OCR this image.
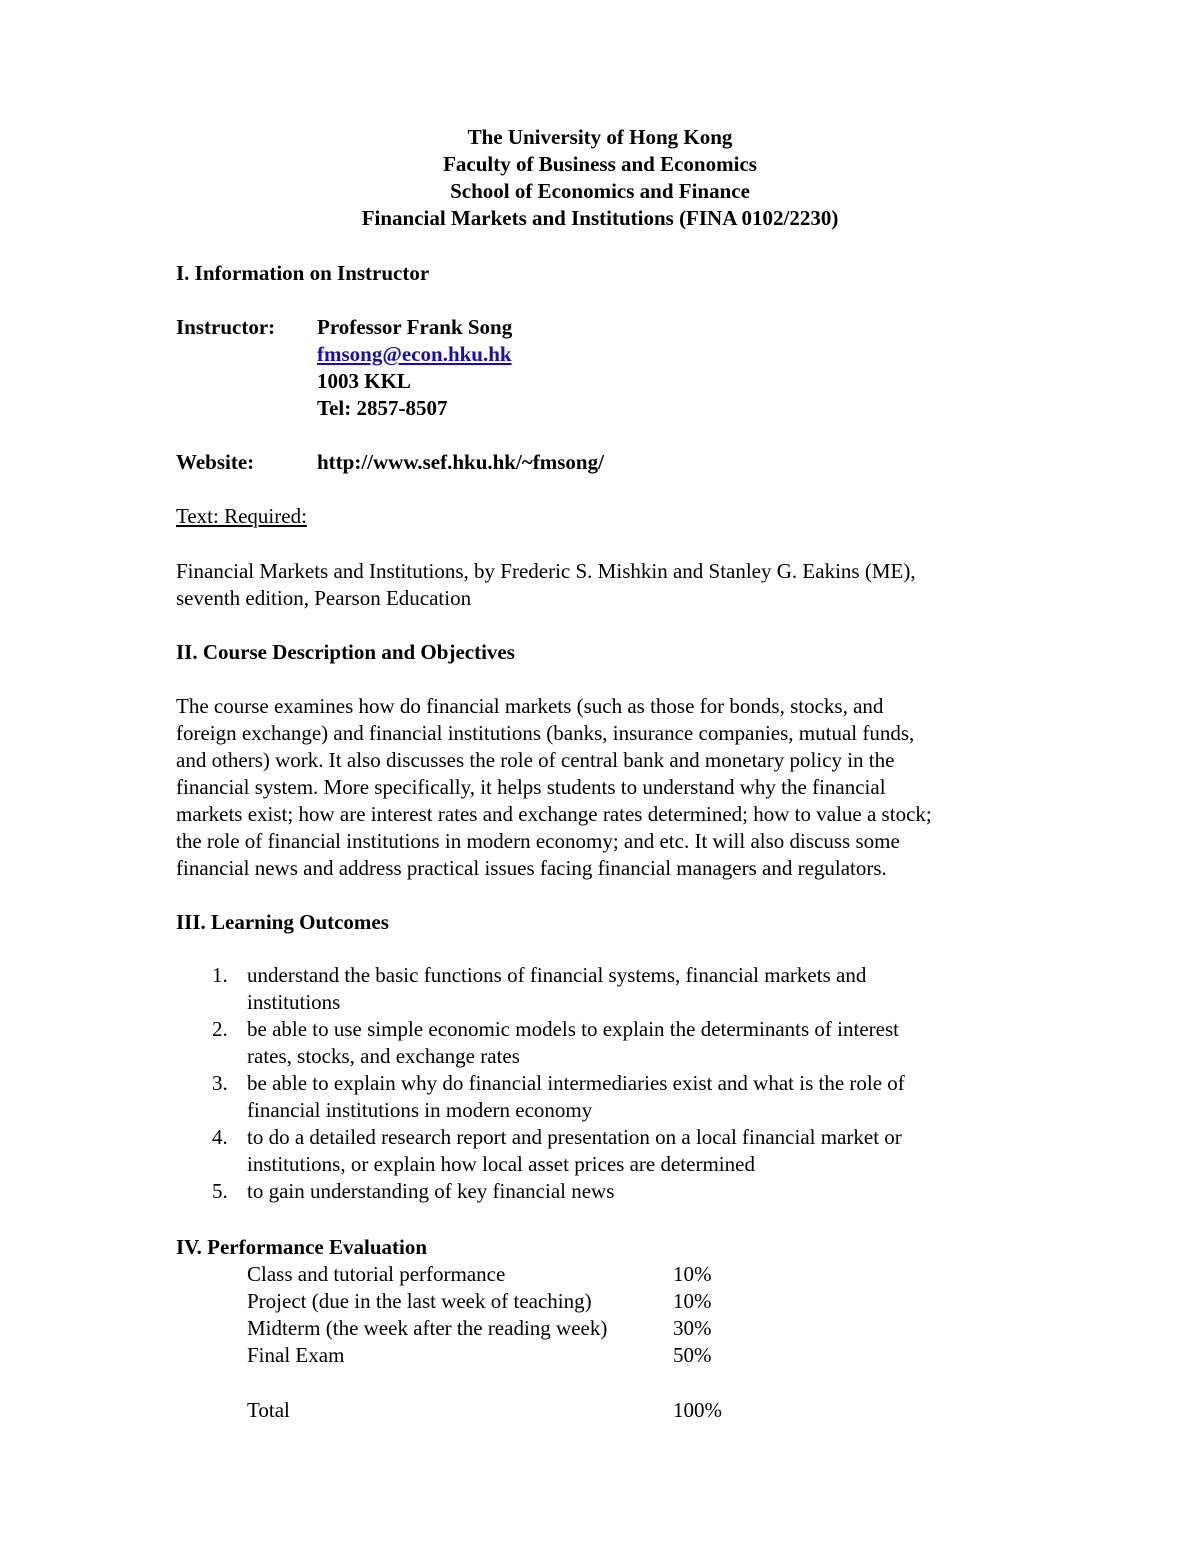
The University of Hong Kong
Faculty of Business and Economics
School of Economics and Finance
Financial Markets and Institutions (FINA 0102/2230)
I. Information on Instructor
Instructor: Professor Frank Song
fmsong@econ.hku.hk
1003 KKL
Tel: 2857-8507
Website:	http://www.sef.hku.hk/~fmsong/
Text: Required:
Financial Markets and Institutions, by Frederic S. Mishkin and Stanley G. Eakins (ME),
seventh edition, Pearson Education
II. Course Description and Objectives
The course examines how do financial markets (such as those for bonds, stocks, and
foreign exchange) and financial institutions (banks, insurance companies, mutual funds,
and others) work. It also discusses the role of central bank and monetary policy in the
financial system. More specifically, it helps students to understand why the financial
markets exist; how are interest rates and exchange rates determined; how to value a stock;
the role of financial institutions in modern economy; and etc. It will also discuss some
financial news and address practical issues facing financial managers and regulators.
III. Learning Outcomes
1. understand the basic functions of financial systems, financial markets and
institutions
2. be able to use simple economic models to explain the determinants of interest
rates, stocks, and exchange rates
3. be able to explain why do financial intermediaries exist and what is the role of
financial institutions in modern economy
4. to do a detailed research report and presentation on a local financial market or
institutions, or explain how local asset prices are determined
5. to gain understanding of key financial news
IV. Performance Evaluation
Class and tutorial performance	10%
Project (due in the last week of teaching)	10%
Midterm (the week after the reading week)	30%
Final Exam	50%
Total	100%
